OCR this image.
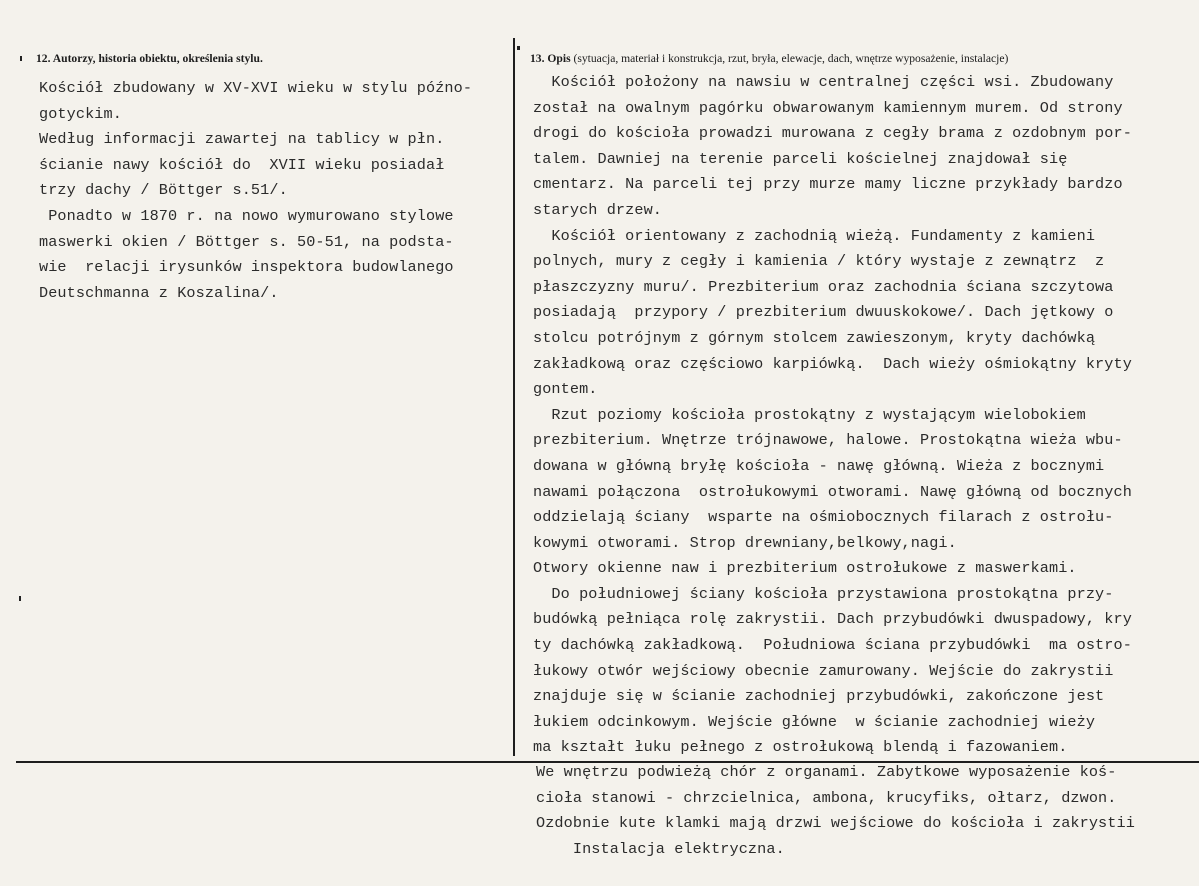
12. Autorzy, historia obiektu, określenia stylu.	13. Opis (sytuacja, materiał i konstrukcja, rzut, bryła, elewacje, dach, wnętrze wyposażenie, instalacje)
Kościół zbudowany w XV-XVI wieku w stylu późno-
gotyckim.
Według informacji zawartej na tablicy w płn.
ścianie nawy kościół do  XVII wieku posiadał
trzy dachy / Böttger s.51/.
Ponadto w 1870 r. na nowo wymurowano stylowe
maswerki okien / Böttger s. 50-51, na podsta-
wie  relacji irysunków inspektora budowlanego
Deutschmanna z Koszalina/.
Kościół położony na nawsiu w centralnej części wsi. Zbudowany
został na owalnym pagórku obwarowanym kamiennym murem. Od strony
drogi do kościoła prowadzi murowana z cegły brama z ozdobnym por-
talem. Dawniej na terenie parceli kościelnej znajdował się
cmentarz. Na parceli tej przy murze mamy liczne przykłady bardzo
starych drzew.
Kościół orientowany z zachodnią wieżą. Fundamenty z kamieni
polnych, mury z cegły i kamienia / który wystaje z zewnątrz  z
płaszczyzny muru/. Prezbiterium oraz zachodnia ściana szczytowa
posiadają  przypory / prezbiterium dwuuskokowe/. Dach jętkowy o
stolcu potrójnym z górnym stolcem zawieszonym, kryty dachówką
zakładkową oraz częściowo karpiówką.  Dach wieży ośmiokątny kryty
gontem.
Rzut poziomy kościoła prostokątny z wystającym wielobokiem
prezbiterium. Wnętrze trójnawowe, halowe. Prostokątna wieża wbu-
dowana w główną bryłę kościoła - nawę główną. Wieża z bocznymi
nawami połączona  ostrołukowymi otworami. Nawę główną od bocznych
oddzielają ściany  wsparte na ośmiobocznych filarach z ostrołu-
kowymi otworami. Strop drewniany,belkowy,nagi.
Otwory okienne naw i prezbiterium ostrołukowe z maswerkami.
Do południowej ściany kościoła przystawiona prostokątna przy-
budówką pełniąca rolę zakrystii. Dach przybudówki dwuspadowy, kry
ty dachówką zakładkową.  Południowa ściana przybudówki  ma ostro-
łukowy otwór wejściowy obecnie zamurowany. Wejście do zakrystii
znajduje się w ścianie zachodniej przybudówki, zakończone jest
łukiem odcinkowym. Wejście główne  w ścianie zachodniej wieży
ma kształt łuku pełnego z ostrołukową blendą i fazowaniem.
We wnętrzu podwieżą chór z organami. Zabytkowe wyposażenie koś-
cioła stanowi - chrzcielnica, ambona, krucyfiks, ołtarz, dzwon.
Ozdobnie kute klamki mają drzwi wejściowe do kościoła i zakrystii
Instalacja elektryczna.
